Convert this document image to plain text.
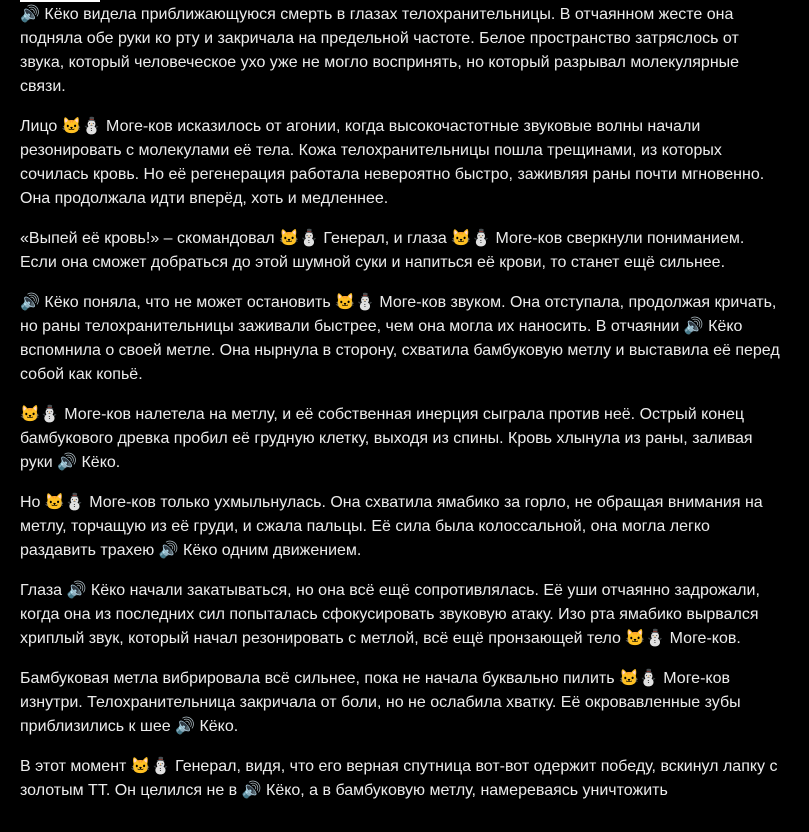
🔊 Кёко видела приближающуюся смерть в глазах телохранительницы. В отчаянном жесте она подняла обе руки ко рту и закричала на предельной частоте. Белое пространство затряслось от звука, который человеческое ухо уже не могло воспринять, но который разрывал молекулярные связи.

Лицо 🐱⛄ Моге-ков исказилось от агонии, когда высокочастотные звуковые волны начали резонировать с молекулами её тела. Кожа телохранительницы пошла трещинами, из которых сочилась кровь. Но её регенерация работала невероятно быстро, заживляя раны почти мгновенно. Она продолжала идти вперёд, хоть и медленнее.

«Выпей её кровь!» – скомандовал 🐱⛄ Генерал, и глаза 🐱⛄ Моге-ков сверкнули пониманием. Если она сможет добраться до этой шумной суки и напиться её крови, то станет ещё сильнее.

🔊 Кёко поняла, что не может остановить 🐱⛄ Моге-ков звуком. Она отступала, продолжая кричать, но раны телохранительницы заживали быстрее, чем она могла их наносить. В отчаянии 🔊 Кёко вспомнила о своей метле. Она нырнула в сторону, схватила бамбуковую метлу и выставила её перед собой как копьё.

🐱⛄ Моге-ков налетела на метлу, и её собственная инерция сыграла против неё. Острый конец бамбукового древка пробил её грудную клетку, выходя из спины. Кровь хлынула из раны, заливая руки 🔊 Кёко.

Но 🐱⛄ Моге-ков только ухмыльнулась. Она схватила ямабико за горло, не обращая внимания на метлу, торчащую из её груди, и сжала пальцы. Её сила была колоссальной, она могла легко раздавить трахею 🔊 Кёко одним движением.

Глаза 🔊 Кёко начали закатываться, но она всё ещё сопротивлялась. Её уши отчаянно задрожали, когда она из последних сил попыталась сфокусировать звуковую атаку. Изо рта ямабико вырвался хриплый звук, который начал резонировать с метлой, всё ещё пронзающей тело 🐱⛄ Моге-ков.

Бамбуковая метла вибрировала всё сильнее, пока не начала буквально пилить 🐱⛄ Моге-ков изнутри. Телохранительница закричала от боли, но не ослабила хватку. Её окровавленные зубы приблизились к шее 🔊 Кёко.

В этот момент 🐱⛄ Генерал, видя, что его верная спутница вот-вот одержит победу, вскинул лапку с золотым ТТ. Он целился не в 🔊 Кёко, а в бамбуковую метлу, намереваясь уничтожить
